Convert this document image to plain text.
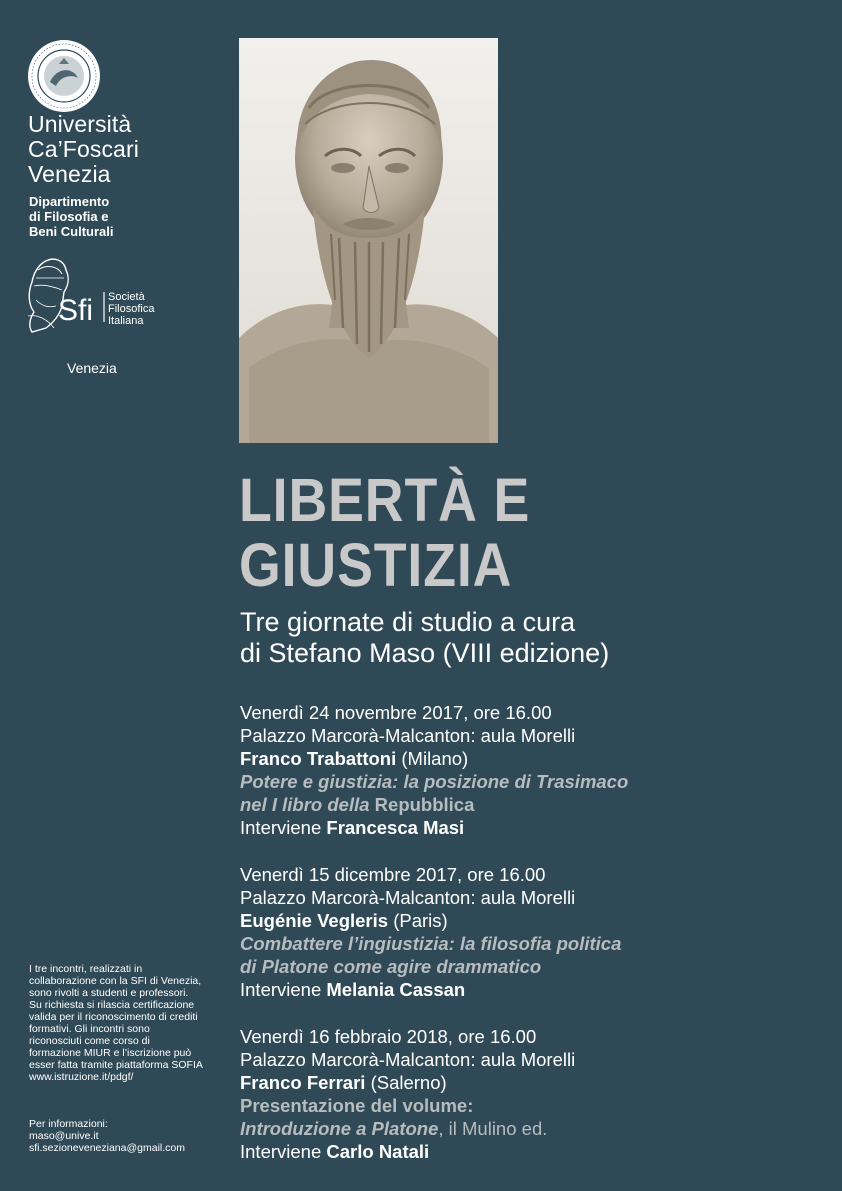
Università
Ca’Foscari
Venezia
Dipartimento
di Filosofia e
Beni Culturali
Sfi Società
Filosofica
Italiana
Venezia
I tre incontri, realizzati in collaborazione con la SFI di Venezia, sono rivolti a studenti e professori. Su richiesta si rilascia certificazione valida per il riconoscimento di crediti formativi. Gli incontri sono riconosciuti come corso di formazione MIUR e l’iscrizione può esser fatta tramite piattaforma SOFIA www.istruzione.it/pdgf/
Per informazioni:
maso@unive.it
sfi.sezioneveneziana@gmail.com
LIBERTÀ E
GIUSTIZIA
Tre giornate di studio a cura
di Stefano Maso (VIII edizione)
Venerdì 24 novembre 2017, ore 16.00
Palazzo Marcorà-Malcanton: aula Morelli
Franco Trabattoni (Milano)
Potere e giustizia: la posizione di Trasimaco
nel I libro della Repubblica
Interviene Francesca Masi
Venerdì 15 dicembre 2017, ore 16.00
Palazzo Marcorà-Malcanton: aula Morelli
Eugénie Vegleris (Paris)
Combattere l’ingiustizia: la filosofia politica
di Platone come agire drammatico
Interviene Melania Cassan
Venerdì 16 febbraio 2018, ore 16.00
Palazzo Marcorà-Malcanton: aula Morelli
Franco Ferrari (Salerno)
Presentazione del volume:
Introduzione a Platone, il Mulino ed.
Interviene Carlo Natali
